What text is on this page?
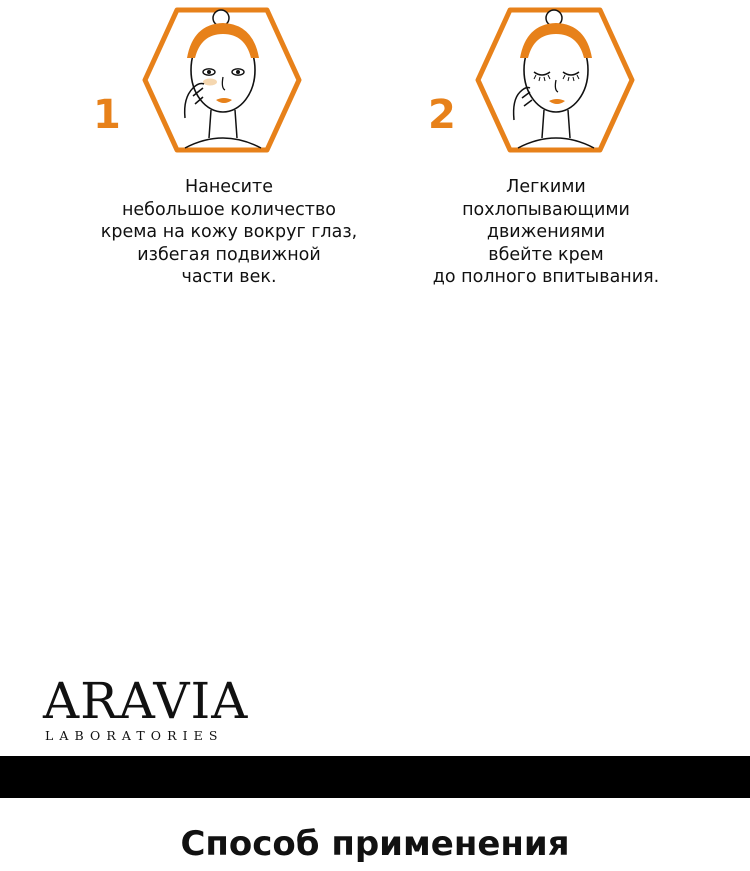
1
Нанесите
небольшое количество
крема на кожу вокруг глаз,
избегая подвижной
части век.
2
Легкими
похлопывающими
движениями
вбейте крем
до полного впитывания.
ARAVIA
LABORATORIES
Способ применения
